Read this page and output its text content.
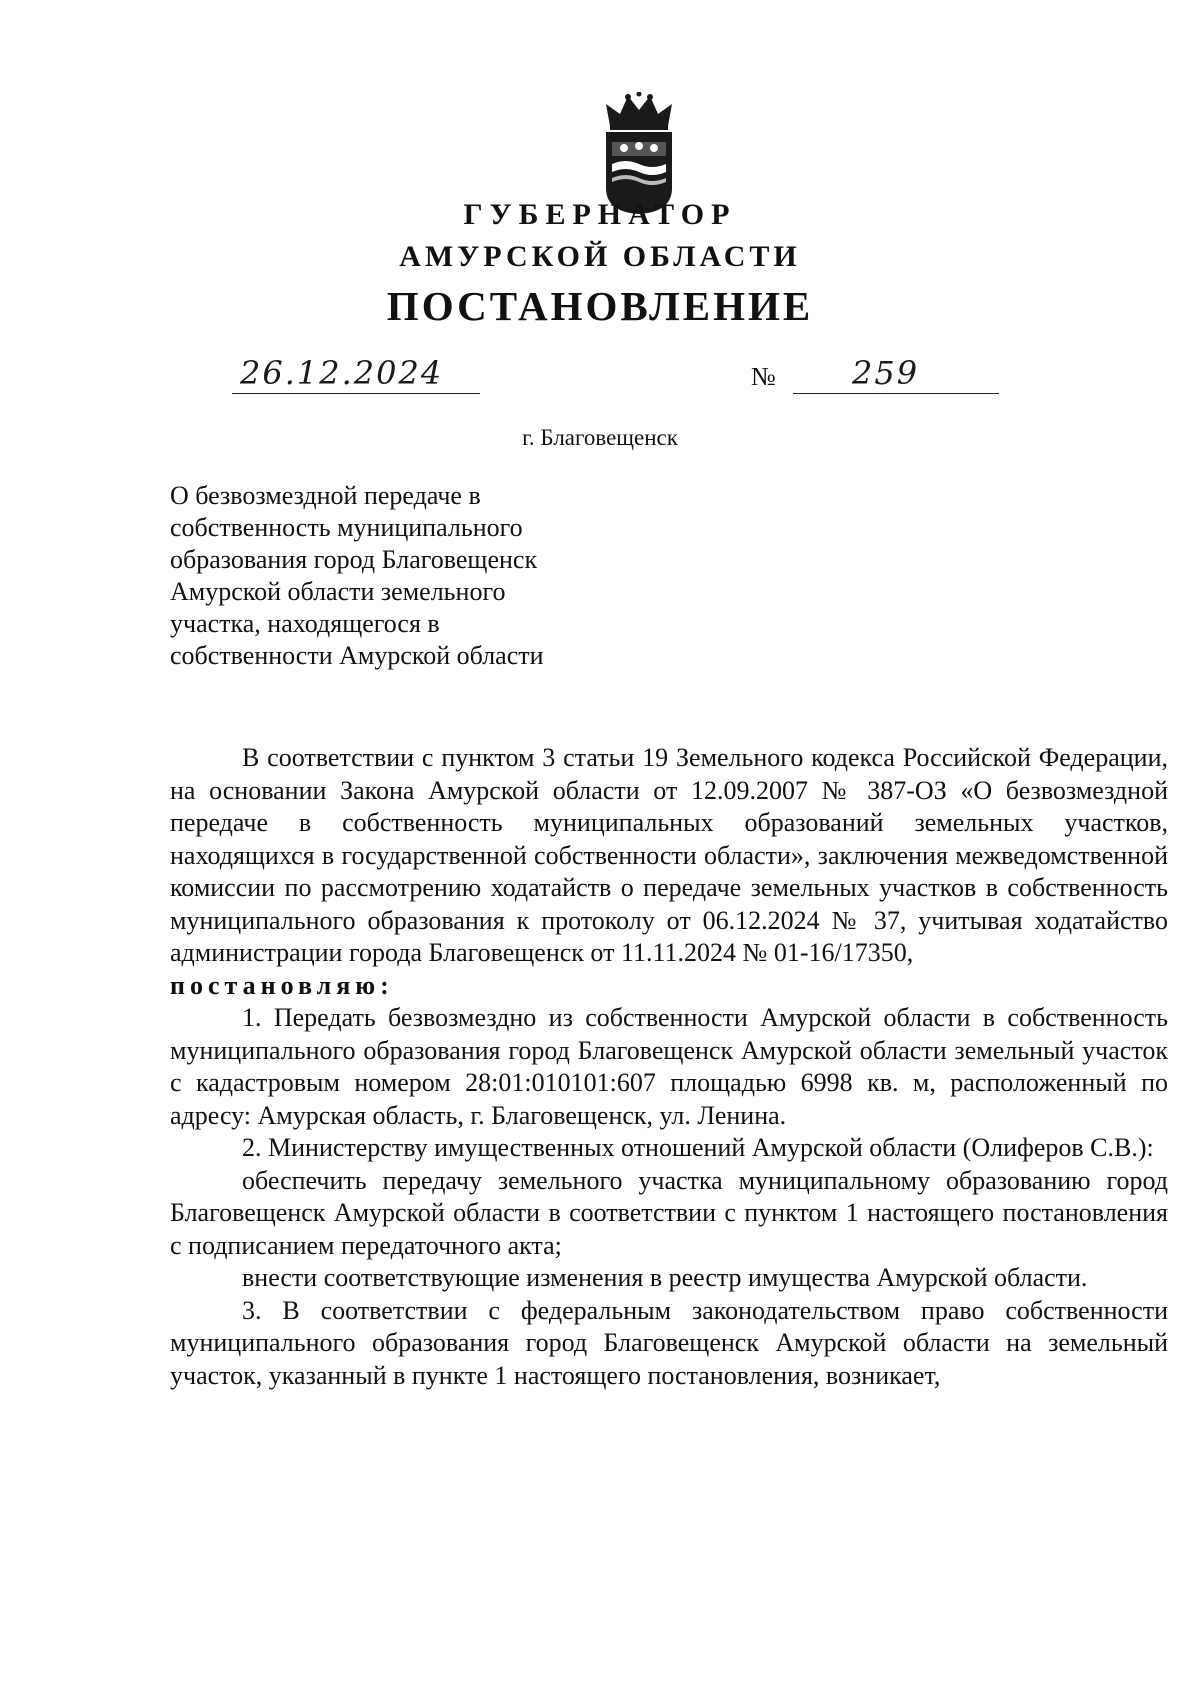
ГУБЕРНАТОР
АМУРСКОЙ ОБЛАСТИ
ПОСТАНОВЛЕНИЕ
26.12.2024	№ 259
г. Благовещенск
О безвозмездной передаче в
собственность муниципального
образования город Благовещенск
Амурской области земельного
участка, находящегося в
собственности Амурской области

В соответствии с пунктом 3 статьи 19 Земельного кодекса Российской Федерации, на основании Закона Амурской области от 12.09.2007 № 387-ОЗ «О безвозмездной передаче в собственность муниципальных образований земельных участков, находящихся в государственной собственности области», заключения межведомственной комиссии по рассмотрению ходатайств о передаче земельных участков в собственность муниципального образования к протоколу от 06.12.2024 № 37, учитывая ходатайство администрации города Благовещенск от 11.11.2024 № 01-16/17350,

постановляю:

1. Передать безвозмездно из собственности Амурской области в собственность муниципального образования город Благовещенск Амурской области земельный участок с кадастровым номером 28:01:010101:607 площадью 6998 кв. м, расположенный по адресу: Амурская область, г. Благовещенск, ул. Ленина.

2. Министерству имущественных отношений Амурской области (Олиферов С.В.):

обеспечить передачу земельного участка муниципальному образованию город Благовещенск Амурской области в соответствии с пунктом 1 настоящего постановления с подписанием передаточного акта;

внести соответствующие изменения в реестр имущества Амурской области.

3. В соответствии с федеральным законодательством право собственности муниципального образования город Благовещенск Амурской области на земельный участок, указанный в пункте 1 настоящего постановления, возникает,
